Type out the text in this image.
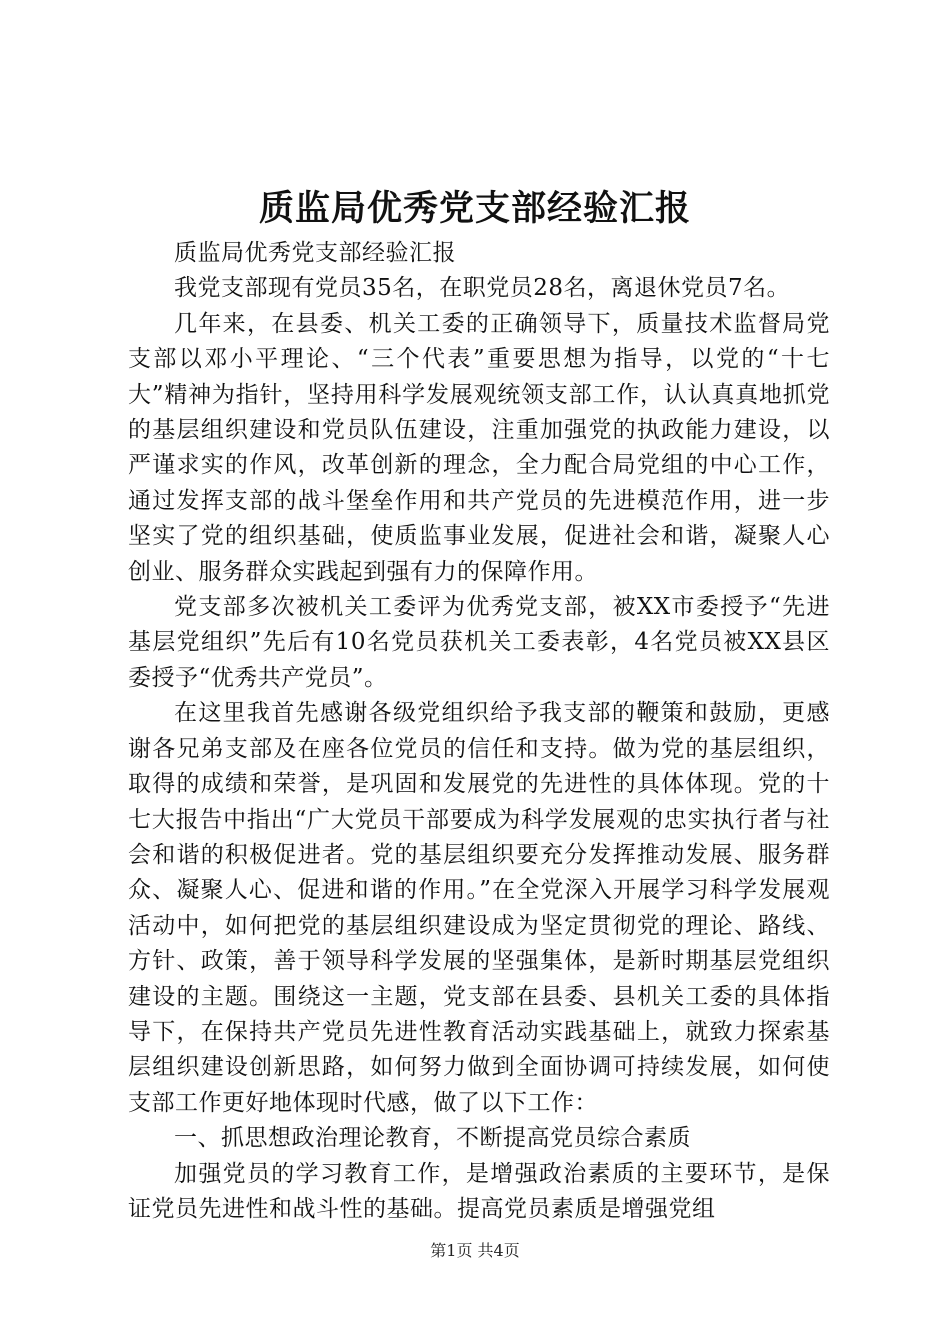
质监局优秀党支部经验汇报

质监局优秀党支部经验汇报

我党支部现有党员35名，在职党员28名，离退休党员7名。

几年来，在县委、机关工委的正确领导下，质量技术监督局党支部以邓小平理论、“三个代表”重要思想为指导，以党的“十七大”精神为指针，坚持用科学发展观统领支部工作，认认真真地抓党的基层组织建设和党员队伍建设，注重加强党的执政能力建设，以严谨求实的作风，改革创新的理念，全力配合局党组的中心工作，通过发挥支部的战斗堡垒作用和共产党员的先进模范作用，进一步坚实了党的组织基础，使质监事业发展，促进社会和谐，凝聚人心创业、服务群众实践起到强有力的保障作用。

党支部多次被机关工委评为优秀党支部，被XX市委授予“先进基层党组织”先后有10名党员获机关工委表彰，4名党员被XX县区委授予“优秀共产党员”。

在这里我首先感谢各级党组织给予我支部的鞭策和鼓励，更感谢各兄弟支部及在座各位党员的信任和支持。做为党的基层组织，取得的成绩和荣誉，是巩固和发展党的先进性的具体体现。党的十七大报告中指出“广大党员干部要成为科学发展观的忠实执行者与社会和谐的积极促进者。党的基层组织要充分发挥推动发展、服务群众、凝聚人心、促进和谐的作用。”在全党深入开展学习科学发展观活动中，如何把党的基层组织建设成为坚定贯彻党的理论、路线、方针、政策，善于领导科学发展的坚强集体，是新时期基层党组织建设的主题。围绕这一主题，党支部在县委、县机关工委的具体指导下，在保持共产党员先进性教育活动实践基础上，就致力探索基层组织建设创新思路，如何努力做到全面协调可持续发展，如何使支部工作更好地体现时代感，做了以下工作：

一、抓思想政治理论教育，不断提高党员综合素质

加强党员的学习教育工作，是增强政治素质的主要环节，是保证党员先进性和战斗性的基础。提高党员素质是增强党组

第1页 共4页
